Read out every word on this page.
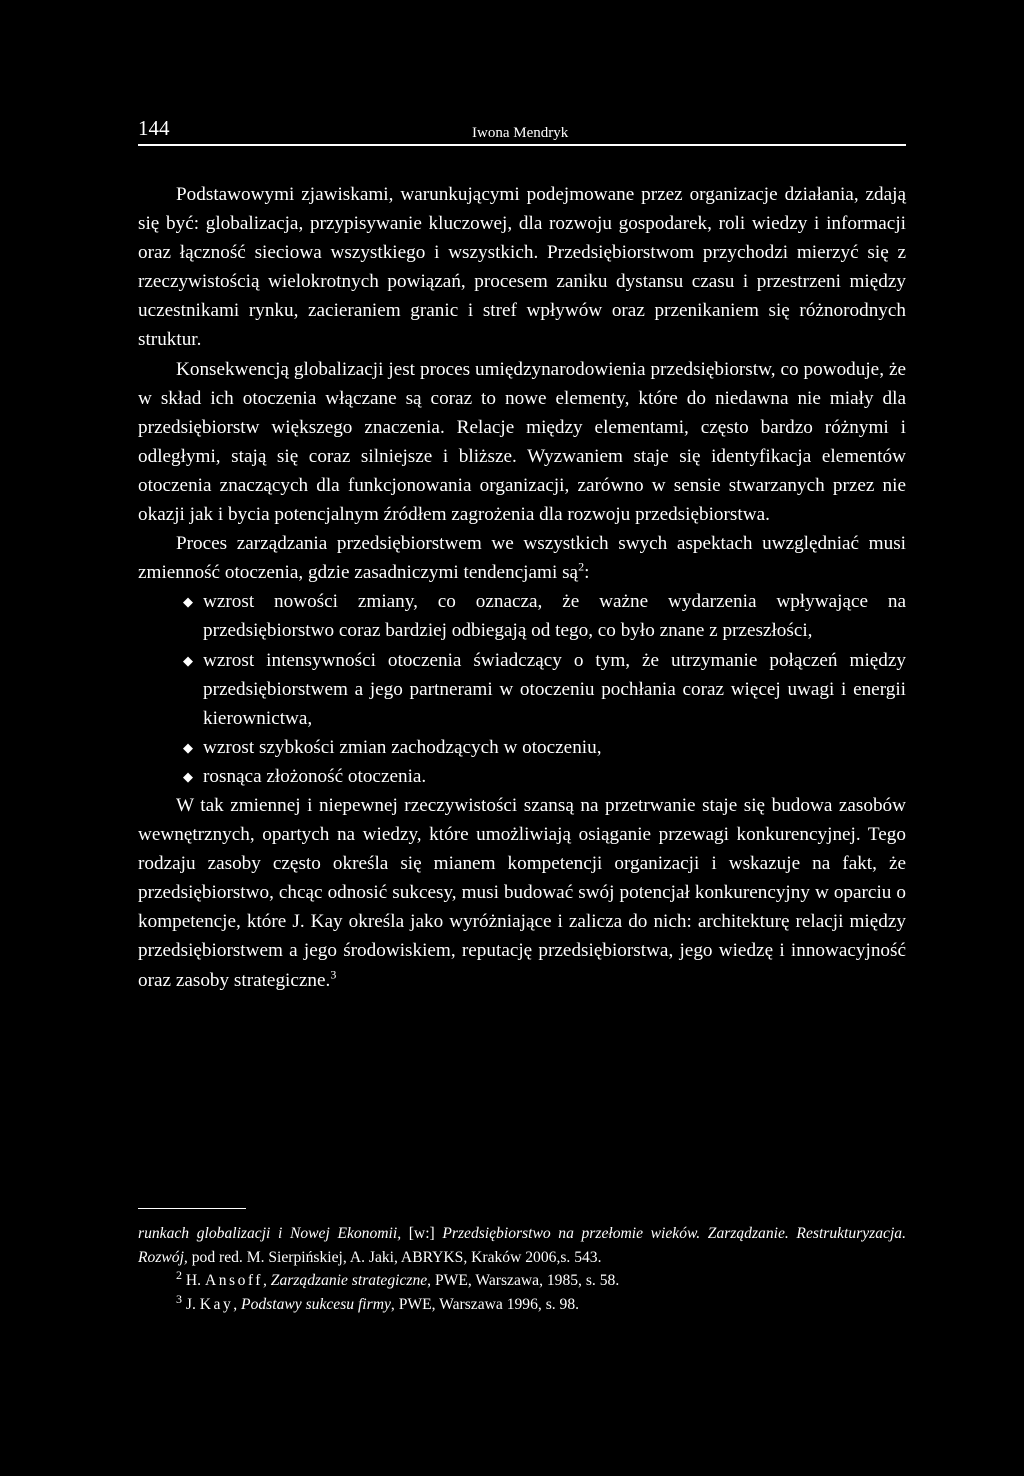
144	Iwona Mendryk

Podstawowymi zjawiskami, warunkującymi podejmowane przez organizacje działania, zdają się być: globalizacja, przypisywanie kluczowej, dla rozwoju gospodarek, roli wiedzy i informacji oraz łączność sieciowa wszystkiego i wszystkich. Przedsiębiorstwom przychodzi mierzyć się z rzeczywistością wielokrotnych powiązań, procesem zaniku dystansu czasu i przestrzeni między uczestnikami rynku, zacieraniem granic i stref wpływów oraz przenikaniem się różnorodnych struktur.

Konsekwencją globalizacji jest proces umiędzynarodowienia przedsiębiorstw, co powoduje, że w skład ich otoczenia włączane są coraz to nowe elementy, które do niedawna nie miały dla przedsiębiorstw większego znaczenia. Relacje między elementami, często bardzo różnymi i odległymi, stają się coraz silniejsze i bliższe. Wyzwaniem staje się identyfikacja elementów otoczenia znaczących dla funkcjonowania organizacji, zarówno w sensie stwarzanych przez nie okazji jak i bycia potencjalnym źródłem zagrożenia dla rozwoju przedsiębiorstwa.

Proces zarządzania przedsiębiorstwem we wszystkich swych aspektach uwzględniać musi zmienność otoczenia, gdzie zasadniczymi tendencjami $są^2$:

◆ wzrost nowości zmiany, co oznacza, że ważne wydarzenia wpływające na przedsiębiorstwo coraz bardziej odbiegają od tego, co było znane z przeszłości,
◆ wzrost intensywności otoczenia świadczący o tym, że utrzymanie połączeń między przedsiębiorstwem a jego partnerami w otoczeniu pochłania coraz więcej uwagi i energii kierownictwa,
◆ wzrost szybkości zmian zachodzących w otoczeniu,
◆ rosnąca złożoność otoczenia.

W tak zmiennej i niepewnej rzeczywistości szansą na przetrwanie staje się budowa zasobów wewnętrznych, opartych na wiedzy, które umożliwiają osiąganie przewagi konkurencyjnej. Tego rodzaju zasoby często określa się mianem kompetencji organizacji i wskazuje na fakt, że przedsiębiorstwo, chcąc odnosić sukcesy, musi budować swój potencjał konkurencyjny w oparciu o kompetencje, które J. Kay określa jako wyróżniające i zalicza do nich: architekturę relacji między przedsiębiorstwem a jego środowiskiem, reputację przedsiębiorstwa, jego wiedzę i innowacyjność oraz zasoby strategiczne.$^3$

runkach globalizacji i Nowej Ekonomii, [w:] Przedsiębiorstwo na przełomie wieków. Zarządzanie. Restrukturyzacja. Rozwój, pod red. M. Sierpińskiej, A. Jaki, ABRYKS, Kraków 2006,s. 543.

$^2$ H. Ansoff, Zarządzanie strategiczne, PWE, Warszawa, 1985, s. 58.

$^3$ J. Kay, Podstawy sukcesu firmy, PWE, Warszawa 1996, s. 98.
